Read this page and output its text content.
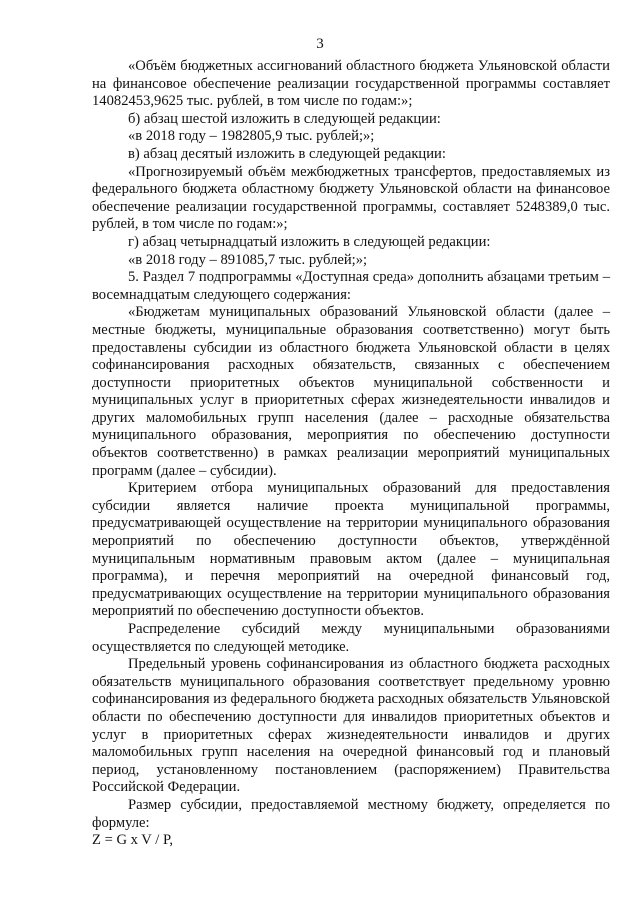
3

«Объём бюджетных ассигнований областного бюджета Ульяновской области на финансовое обеспечение реализации государственной программы составляет 14082453,9625 тыс. рублей, в том числе по годам:»;

б) абзац шестой изложить в следующей редакции:

«в 2018 году – 1982805,9 тыс. рублей;»;

в) абзац десятый изложить в следующей редакции:

«Прогнозируемый объём межбюджетных трансфертов, предоставляемых из федерального бюджета областному бюджету Ульяновской области на финансовое обеспечение реализации государственной программы, составляет 5248389,0 тыс. рублей, в том числе по годам:»;

г) абзац четырнадцатый изложить в следующей редакции:

«в 2018 году – 891085,7 тыс. рублей;»;

5. Раздел 7 подпрограммы «Доступная среда» дополнить абзацами третьим – восемнадцатым следующего содержания:

«Бюджетам муниципальных образований Ульяновской области (далее – местные бюджеты, муниципальные образования соответственно) могут быть предоставлены субсидии из областного бюджета Ульяновской области в целях софинансирования расходных обязательств, связанных с обеспечением доступности приоритетных объектов муниципальной собственности и муниципальных услуг в приоритетных сферах жизнедеятельности инвалидов и других маломобильных групп населения (далее – расходные обязательства муниципального образования, мероприятия по обеспечению доступности объектов соответственно) в рамках реализации мероприятий муниципальных программ (далее – субсидии).

Критерием отбора муниципальных образований для предоставления субсидии является наличие проекта муниципальной программы, предусматривающей осуществление на территории муниципального образования мероприятий по обеспечению доступности объектов, утверждённой муниципальным нормативным правовым актом (далее – муниципальная программа), и перечня мероприятий на очередной финансовый год, предусматривающих осуществление на территории муниципального образования мероприятий по обеспечению доступности объектов.

Распределение субсидий между муниципальными образованиями осуществляется по следующей методике.

Предельный уровень софинансирования из областного бюджета расходных обязательств муниципального образования соответствует предельному уровню софинансирования из федерального бюджета расходных обязательств Ульяновской области по обеспечению доступности для инвалидов приоритетных объектов и услуг в приоритетных сферах жизнедеятельности инвалидов и других маломобильных групп населения на очередной финансовый год и плановый период, установленному постановлением (распоряжением) Правительства Российской Федерации.

Размер субсидии, предоставляемой местному бюджету, определяется по формуле:

Z = G x V / P,
